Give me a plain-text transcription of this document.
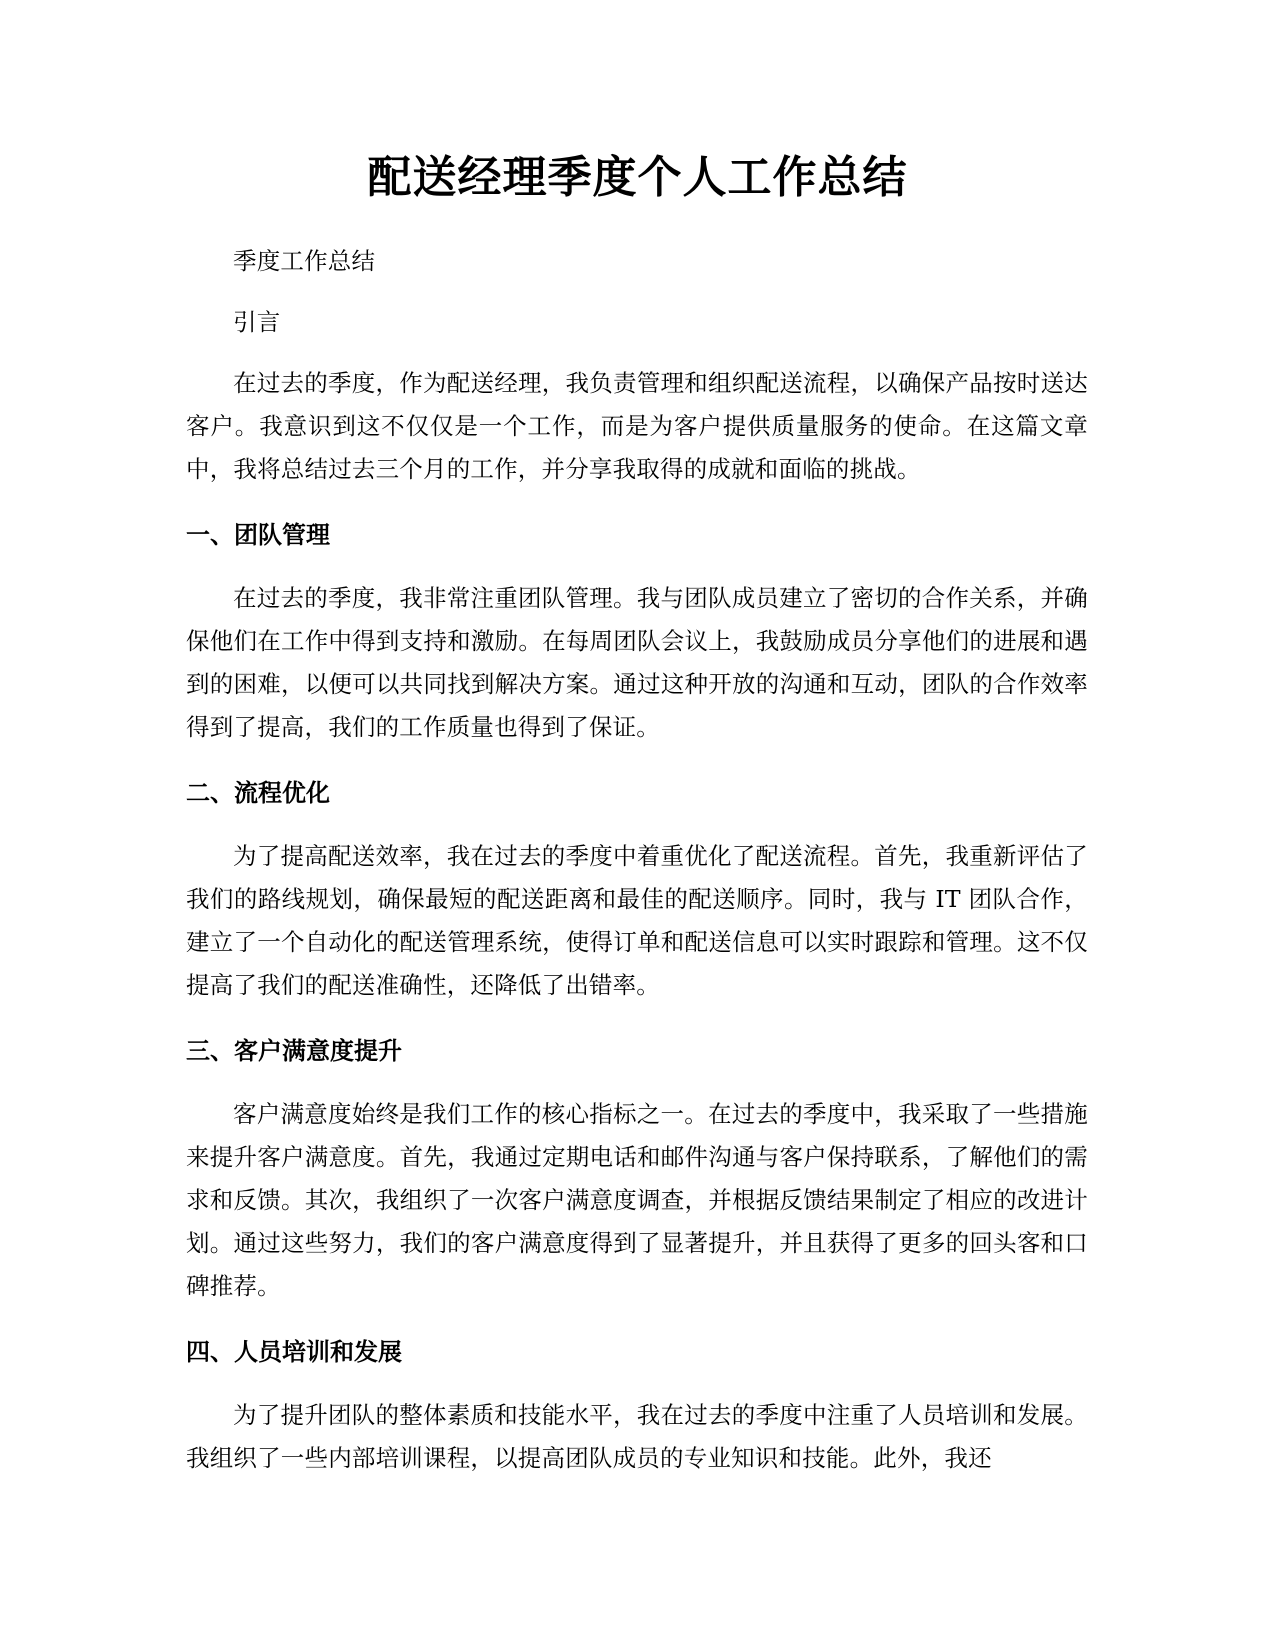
配送经理季度个人工作总结

季度工作总结

引言

在过去的季度，作为配送经理，我负责管理和组织配送流程，以确保产品按时送达客户。我意识到这不仅仅是一个工作，而是为客户提供质量服务的使命。在这篇文章中，我将总结过去三个月的工作，并分享我取得的成就和面临的挑战。

一、团队管理

在过去的季度，我非常注重团队管理。我与团队成员建立了密切的合作关系，并确保他们在工作中得到支持和激励。在每周团队会议上，我鼓励成员分享他们的进展和遇到的困难，以便可以共同找到解决方案。通过这种开放的沟通和互动，团队的合作效率得到了提高，我们的工作质量也得到了保证。

二、流程优化

为了提高配送效率，我在过去的季度中着重优化了配送流程。首先，我重新评估了我们的路线规划，确保最短的配送距离和最佳的配送顺序。同时，我与 IT 团队合作，建立了一个自动化的配送管理系统，使得订单和配送信息可以实时跟踪和管理。这不仅提高了我们的配送准确性，还降低了出错率。

三、客户满意度提升

客户满意度始终是我们工作的核心指标之一。在过去的季度中，我采取了一些措施来提升客户满意度。首先，我通过定期电话和邮件沟通与客户保持联系，了解他们的需求和反馈。其次，我组织了一次客户满意度调查，并根据反馈结果制定了相应的改进计划。通过这些努力，我们的客户满意度得到了显著提升，并且获得了更多的回头客和口碑推荐。

四、人员培训和发展

为了提升团队的整体素质和技能水平，我在过去的季度中注重了人员培训和发展。我组织了一些内部培训课程，以提高团队成员的专业知识和技能。此外，我还
